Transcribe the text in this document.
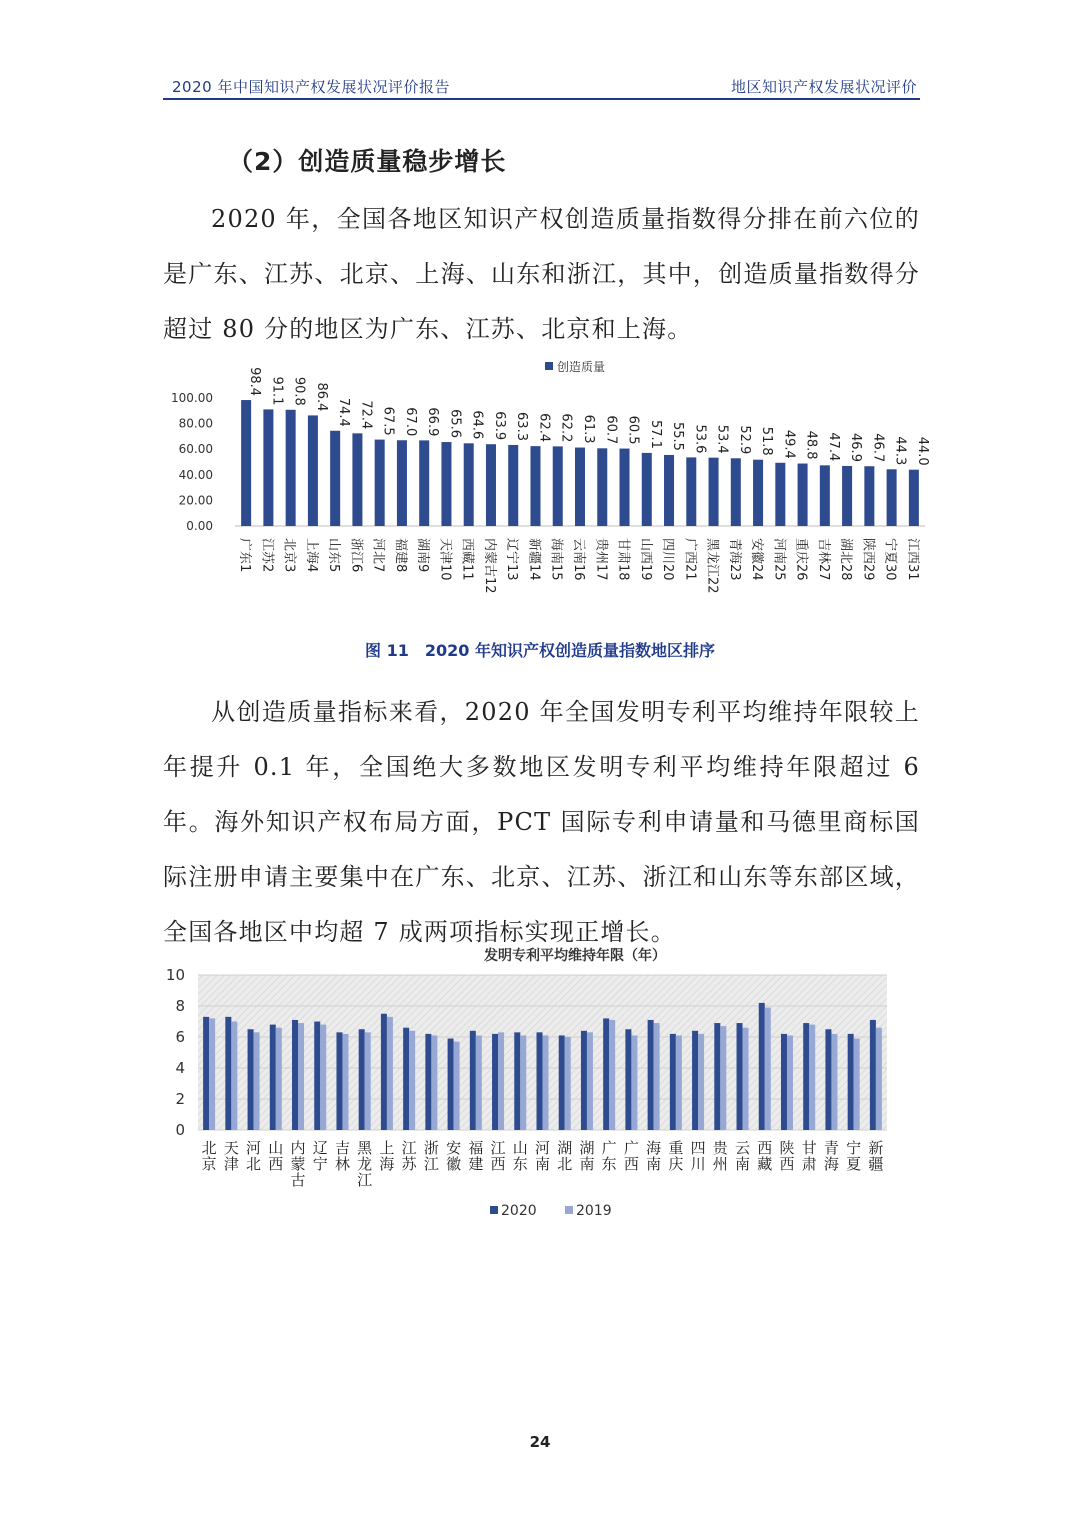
2020 年中国知识产权发展状况评价报告	地区知识产权发展状况评价
（2）创造质量稳步增长
2020 年，全国各地区知识产权创造质量指数得分排在前六位的是广东、江苏、北京、上海、山东和浙江，其中，创造质量指数得分超过 80 分的地区为广东、江苏、北京和上海。
创造质量
0.00
20.00
40.00
60.00
80.00
100.00
98.4
广东1
91.1
江苏2
90.8
北京3
86.4
上海4
74.4
山东5
72.4
浙江6
67.5
河北7
67.0
福建8
66.9
湖南9
65.6
天津10
64.6
西藏11
63.9
内蒙古12
63.3
辽宁13
62.4
新疆14
62.2
海南15
61.3
云南16
60.7
贵州17
60.5
甘肃18
57.1
山西19
55.5
四川20
53.6
广西21
53.4
黑龙江22
52.9
青海23
51.8
安徽24
49.4
河南25
48.8
重庆26
47.4
吉林27
46.9
湖北28
46.7
陕西29
44.3
宁夏30
44.0
江西31
图 11　2020 年知识产权创造质量指数地区排序
从创造质量指标来看，2020 年全国发明专利平均维持年限较上年提升 0.1 年，全国绝大多数地区发明专利平均维持年限超过 6 年。海外知识产权布局方面，PCT 国际专利申请量和马德里商标国际注册申请主要集中在广东、北京、江苏、浙江和山东等东部区域，全国各地区中均超 7 成两项指标实现正增长。
发明专利平均维持年限（年）
0
2
4
6
8
10
北
京
天
津
河
北
山
西
内
蒙
古
辽
宁
吉
林
黑
龙
江
上
海
江
苏
浙
江
安
徽
福
建
江
西
山
东
河
南
湖
北
湖
南
广
东
广
西
海
南
重
庆
四
川
贵
州
云
南
西
藏
陕
西
甘
肃
青
海
宁
夏
新
疆
2020	2019
24
